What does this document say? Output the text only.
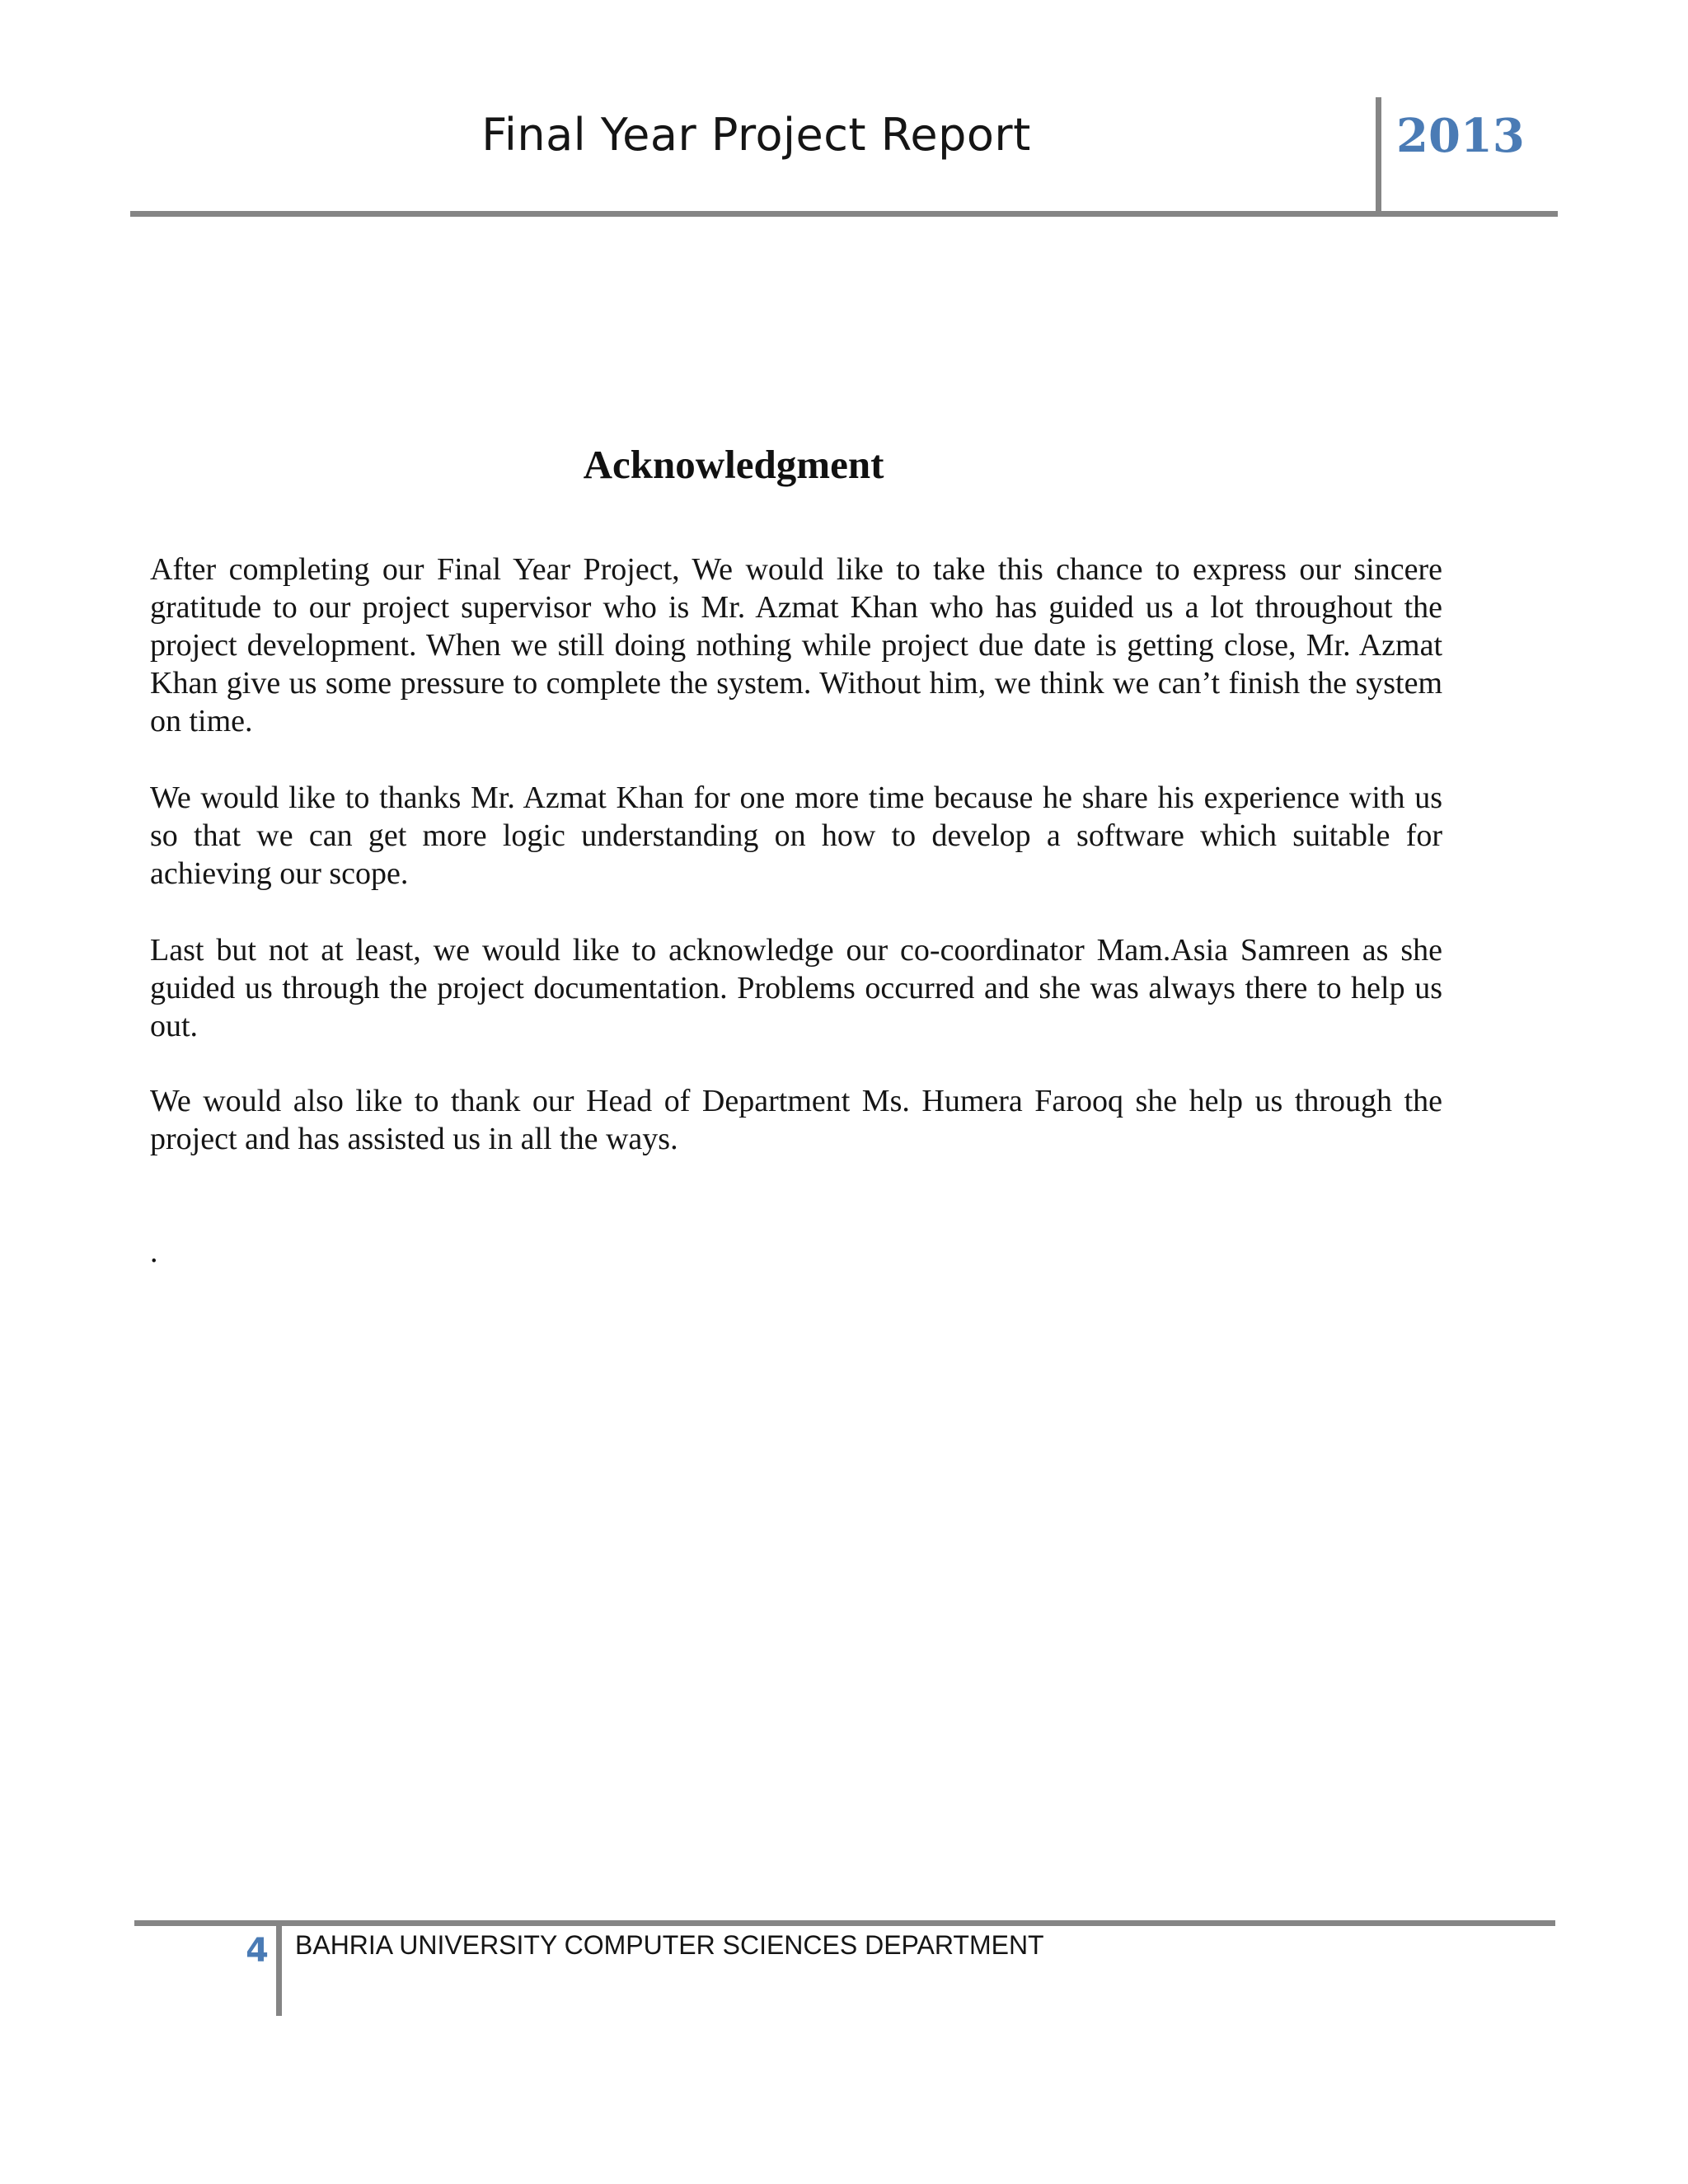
Final Year Project Report	2013
Acknowledgment

After completing our Final Year Project, We would like to take this chance to express our sincere gratitude to our project supervisor who is Mr. Azmat Khan who has guided us a lot throughout the project development. When we still doing nothing while project due date is getting close, Mr. Azmat Khan give us some pressure to complete the system. Without him, we think we can’t finish the system on time.

We would like to thanks Mr. Azmat Khan for one more time because he share his experience with us so that we can get more logic understanding on how to develop a software which suitable for achieving our scope.

Last but not at least, we would like to acknowledge our co-coordinator Mam.Asia Samreen as she guided us through the project documentation. Problems occurred and she was always there to help us out.

We would also like to thank our Head of Department Ms. Humera Farooq she help us through the project and has assisted us in all the ways.

.
4 BAHRIA UNIVERSITY COMPUTER SCIENCES DEPARTMENT
